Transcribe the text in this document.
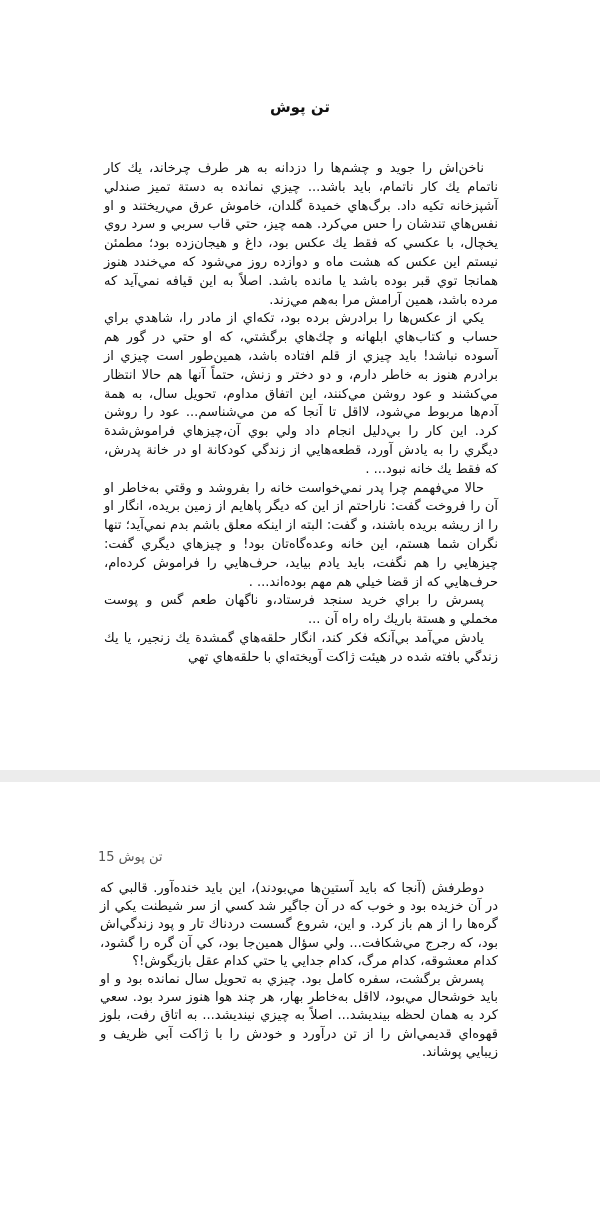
تن پوش

ناخن‌اش را جويد و چشم‌ها را دزدانه به هر طرف چرخاند، يك كار ناتمام يك كار ناتمام، بايد باشد... چيزي نمانده به دستة تميز صندلي آشپزخانه تكيه داد. برگ‌هاي خميدة گلدان، خاموش عرق مي‌ريختند و او نفس‌هاي تندشان را حس مي‌كرد. همه چيز، حتي قاب سربي و سرد روي يخچال، با عكسي كه فقط يك عكس بود، داغ و هيجان‌زده بود؛ مطمئن نيستم اين عكس كه هشت ماه و دوازده روز مي‌شود كه مي‌خندد هنوز همانجا توي قبر بوده باشد يا مانده باشد. اصلاً به اين قيافه نمي‌آيد كه مرده باشد، همين آرامش مرا به‌هم مي‌زند.

يكي از عكس‌ها را برادرش برده بود، تكه‌اي از مادر را، شاهدي براي حساب و كتاب‌هاي ابلهانه و چك‌هاي برگشتي، كه او حتي در گور هم آسوده نباشد! بايد چيزي از قلم افتاده باشد، همين‌طور است چيزي از برادرم هنوز به خاطر دارم، و دو دختر و زنش، حتماً آنها هم حالا انتظار مي‌كشند و عود روشن مي‌كنند، اين اتفاق مداوم، تحويل سال، به همة آدم‌ها مربوط مي‌شود، لااقل تا آنجا كه من مي‌شناسم... عود را روشن كرد. اين كار را بي‌دليل انجام داد ولي بوي آن،چيزهاي فراموش‌شدة ديگري را به يادش آورد، قطعه‌هايي از زندگي كودكانة او در خانة پدرش، كه فقط يك خانه نبود... .

حالا مي‌فهمم چرا پدر نمي‌خواست خانه را بفروشد و وقتي به‌خاطر او آن را فروخت گفت: ناراحتم از اين كه ديگر پاهايم از زمين بريده، انگار او را از ريشه بريده باشند، و گفت: البته از اينكه معلق باشم بدم نمي‌آيد؛ تنها نگران شما هستم، اين خانه وعده‌گاه‌تان بود! و چيزهاي ديگري گفت: چيزهايي را هم نگفت، بايد يادم بيايد، حرف‌هايي را فراموش كرده‌ام، حرف‌هايي كه از قضا خيلي هم مهم بوده‌اند... .

پسرش را براي خريد سنجد فرستاد،و ناگهان طعم گس و پوست مخملي و هستة باريك راه راه آن ...

يادش مي‌آمد بي‌آنكه فكر كند، انگار حلقه‌هاي گمشدة يك زنجير، يا يك زندگي بافته شده در هيئت ژاكت آويخته‌اي با حلقه‌هاي تهي

تن پوش 15

دوطرفش (آنجا كه بايد آستين‌ها مي‌بودند)، اين بايد خنده‌آور. قالبي كه در آن خزيده بود و خوب كه در آن جاگير شد كسي از سر شيطنت يكي از گره‌ها را از هم باز كرد. و اين، شروع گسست دردناك تار و پود زندگي‌اش بود، كه رجرج مي‌شكافت... ولي سؤال همين‌جا بود، كي آن گره را گشود، كدام معشوقه، كدام مرگ، كدام جدايي يا حتي كدام عقل بازيگوش!؟

پسرش برگشت، سفره كامل بود. چيزي به تحويل سال نمانده بود و او بايد خوشحال مي‌بود، لااقل به‌خاطر بهار، هر چند هوا هنوز سرد بود. سعي كرد به همان لحظه بينديشد... اصلاً به چيزي نينديشد... به اتاق رفت، بلوز قهوه‌اي قديمي‌اش را از تن درآورد و خودش را با ژاكت آبي ظريف و زيبايي پوشاند.
